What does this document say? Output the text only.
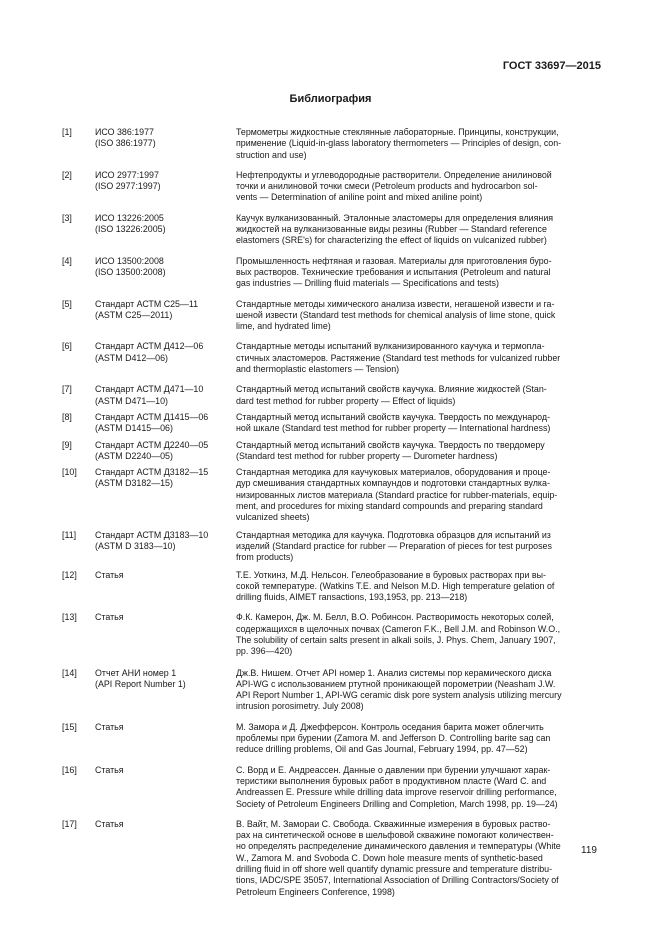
ГОСТ 33697—2015
Библиография
[1]	ИСО 386:1977
(ISO 386:1977)
Термометры жидкостные стеклянные лабораторные. Принципы, конструкции,
применение (Liquid-in-glass laboratory thermometers — Principles of design, con-
struction and use)
[2]	ИСО 2977:1997
(ISO 2977:1997)
Нефтепродукты и углеводородные растворители. Определение анилиновой
точки и анилиновой точки смеси (Petroleum products and hydrocarbon sol-
vents — Determination of aniline point and mixed aniline point)
[3]	ИСО 13226:2005
(ISO 13226:2005)
Каучук вулканизованный. Эталонные эластомеры для определения влияния
жидкостей на вулканизованные виды резины (Rubber — Standard reference
elastomers (SRE's) for characterizing the effect of liquids on vulcanized rubber)
[4]	ИСО 13500:2008
(ISO 13500:2008)
Промышленность нефтяная и газовая. Материалы для приготовления буро-
вых растворов. Технические требования и испытания (Petroleum and natural
gas industries — Drilling fluid materials — Specifications and tests)
[5]	Стандарт АСТМ С25—11
(ASTM С25—2011)
Стандартные методы химического анализа извести, негашеной извести и га-
шеной извести (Standard test methods for chemical analysis of lime stone, quick
lime, and hydrated lime)
[6]	Стандарт АСТМ Д412—06
(ASTM D412—06)
Стандартные методы испытаний вулканизированного каучука и термопла-
стичных эластомеров. Растяжение (Standard test methods for vulcanized rubber
and thermoplastic elastomers — Tension)
[7]	Стандарт АСТМ Д471—10
(ASTM D471—10)
Стандартный метод испытаний свойств каучука. Влияние жидкостей (Stan-
dard test method for rubber property — Effect of liquids)
[8]	Стандарт АСТМ Д1415—06
(ASTM D1415—06)
Стандартный метод испытаний свойств каучука. Твердость по международ-
ной шкале (Standard test method for rubber property — International hardness)
[9]	Стандарт АСТМ Д2240—05
(ASTM D2240—05)
Стандартный метод испытаний свойств каучука. Твердость по твердомеру
(Standard test method for rubber property — Durometer hardness)
[10]	Стандарт АСТМ Д3182—15
(ASTM D3182—15)
Стандартная методика для каучуковых материалов, оборудования и проце-
дур смешивания стандартных компаундов и подготовки стандартных вулка-
низированных листов материала (Standard practice for rubber-materials, equip-
ment, and procedures for mixing standard compounds and preparing standard
vulcanized sheets)
[11]	Стандарт АСТМ Д3183—10
(ASTM D 3183—10)
Стандартная методика для каучука. Подготовка образцов для испытаний из
изделий (Standard practice for rubber — Preparation of pieces for test purposes
from products)
[12]	Статья	Т.Е. Уоткинз, М.Д. Нельсон. Гелеобразование в буровых растворах при вы-
сокой температуре. (Watkins T.E. and Nelson M.D. High temperature gelation of
drilling fluids, AIMET ransactions, 193,1953, pp. 213—218)
[13]	Статья	Ф.К. Камерон, Дж. М. Белл, В.О. Робинсон. Растворимость некоторых солей,
содержащихся в щелочных почвах (Cameron F.K., Bell J.M. and Robinson W.O.,
The solubility of certain salts present in alkali soils, J. Phys. Chem, January 1907,
pp. 396—420)
[14]	Отчет АНИ номер 1
(API Report Number 1)
Дж.В. Нишем. Отчет API номер 1. Анализ системы пор керамического диска
API-WG с использованием ртутной проникающей порометрии (Neasham J.W.
API Report Number 1, API-WG ceramic disk pore system analysis utilizing mercury
intrusion porosimetry. July 2008)
[15]	Статья	М. Замора и Д. Джефферсон. Контроль оседания барита может облегчить
проблемы при бурении (Zamora M. and Jefferson D. Controlling barite sag can
reduce drilling problems, Oil and Gas Journal, February 1994, pp. 47—52)
[16]	Статья	С. Ворд и Е. Андреассен. Данные о давлении при бурении улучшают харак-
теристики выполнения буровых работ в продуктивном пласте (Ward C. and
Andreassen E. Pressure while drilling data improve reservoir drilling performance,
Society of Petroleum Engineers Drilling and Completion, March 1998, pp. 19—24)
[17]	Статья	В. Вайт, М. Замораи С. Свобода. Скважинные измерения в буровых раство-
рах на синтетической основе в шельфовой скважине помогают количествен-
но определять распределение динамического давления и температуры (White
W., Zamora M. and Svoboda C. Down hole measure ments of synthetic-based
drilling fluid in off shore well quantify dynamic pressure and temperature distribu-
tions, IADC/SPE 35057, International Association of Drilling Contractors/Society of
Petroleum Engineers Conference, 1998)
119
